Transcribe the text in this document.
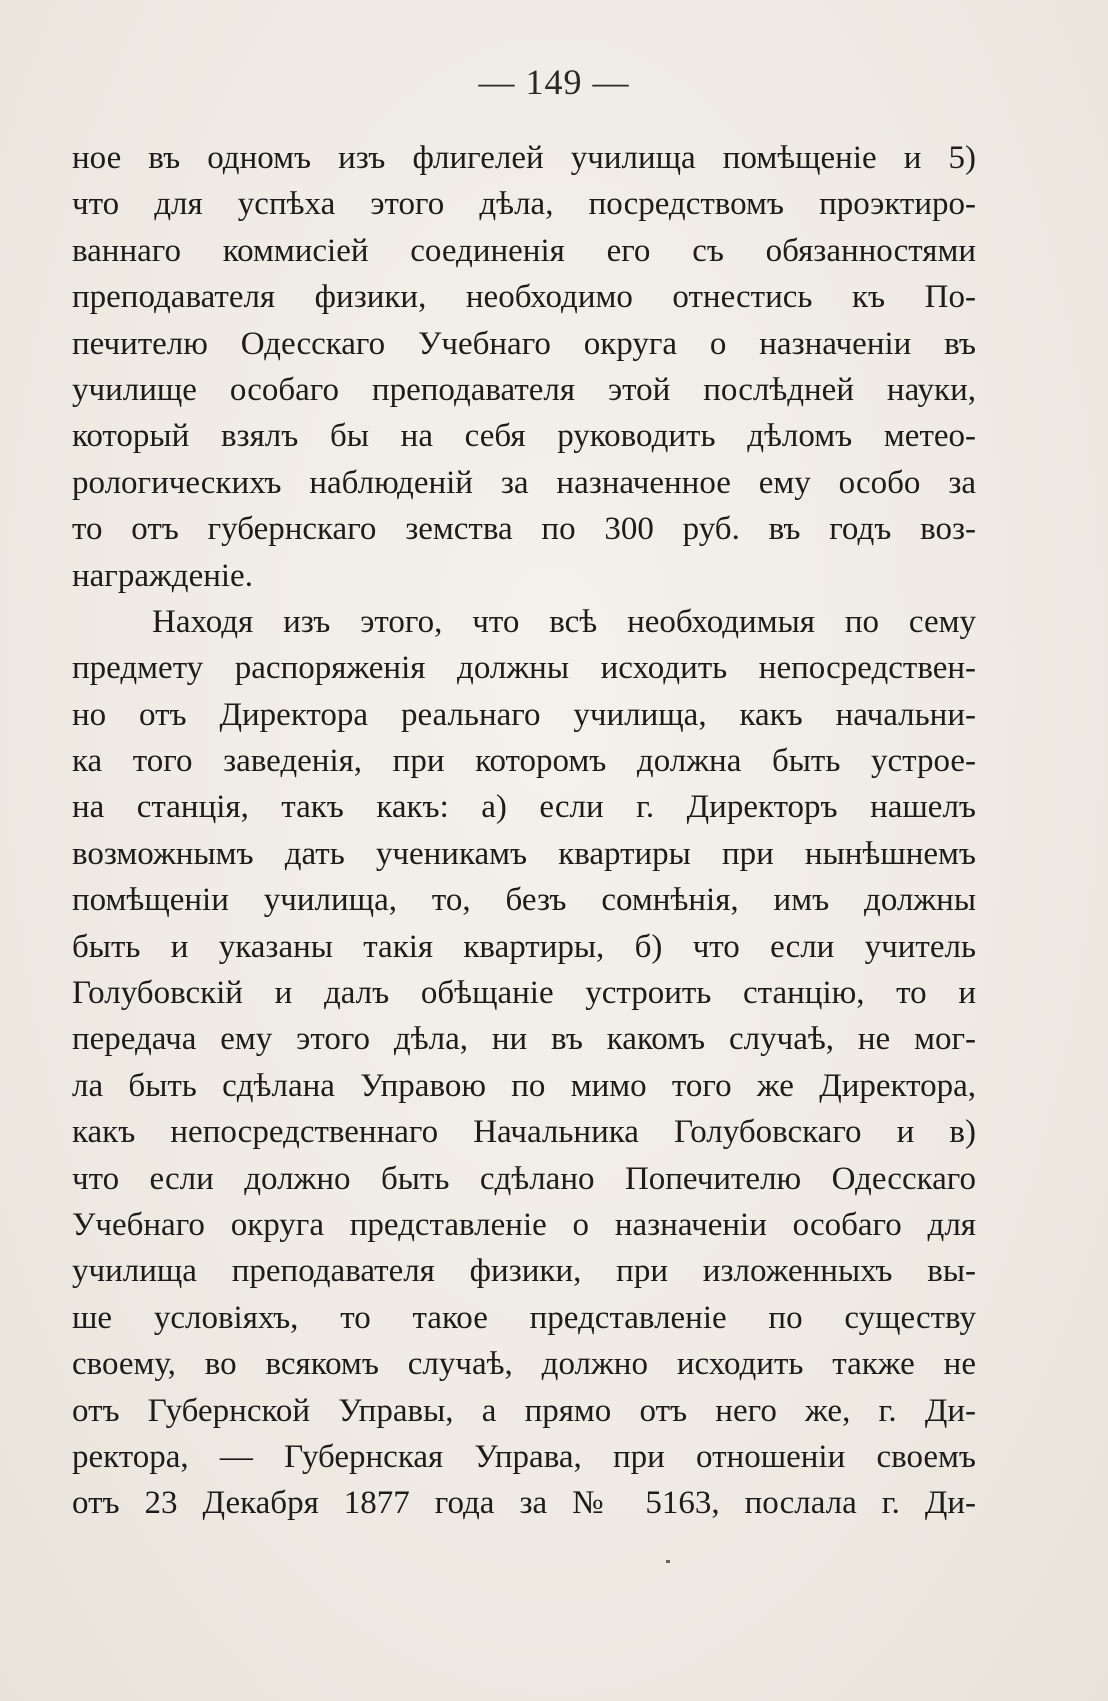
— 149 —
ное въ одномъ изъ флигелей училища помѣщеніе и 5)
что для успѣха этого дѣла, посредствомъ проэктиро-
ваннаго коммисіей соединенія его съ обязанностями
преподавателя физики, необходимо отнестись къ По-
печителю Одесскаго Учебнаго округа о назначеніи въ
училище особаго преподавателя этой послѣдней науки,
который взялъ бы на себя руководить дѣломъ метео-
рологическихъ наблюденій за назначенное ему особо за
то отъ губернскаго земства по 300 руб. въ годъ воз-
награжденіе.
Находя изъ этого, что всѣ необходимыя по сему
предмету распоряженія должны исходить непосредствен-
но отъ Директора реальнаго училища, какъ начальни-
ка того заведенія, при которомъ должна быть устрое-
на станція, такъ какъ: а) если г. Директоръ нашелъ
возможнымъ дать ученикамъ квартиры при нынѣшнемъ
помѣщеніи училища, то, безъ сомнѣнія, имъ должны
быть и указаны такія квартиры, б) что если учитель
Голубовскій и далъ обѣщаніе устроить станцію, то и
передача ему этого дѣла, ни въ какомъ случаѣ, не мог-
ла быть сдѣлана Управою по мимо того же Директора,
какъ непосредственнаго Начальника Голубовскаго и в)
что если должно быть сдѣлано Попечителю Одесскаго
Учебнаго округа представленіе о назначеніи особаго для
училища преподавателя физики, при изложенныхъ вы-
ше условіяхъ, то такое представленіе по существу
своему, во всякомъ случаѣ, должно исходить также не
отъ Губернской Управы, а прямо отъ него же, г. Ди-
ректора, — Губернская Управа, при отношеніи своемъ
отъ 23 Декабря 1877 года за № 5163, послала г. Ди-
